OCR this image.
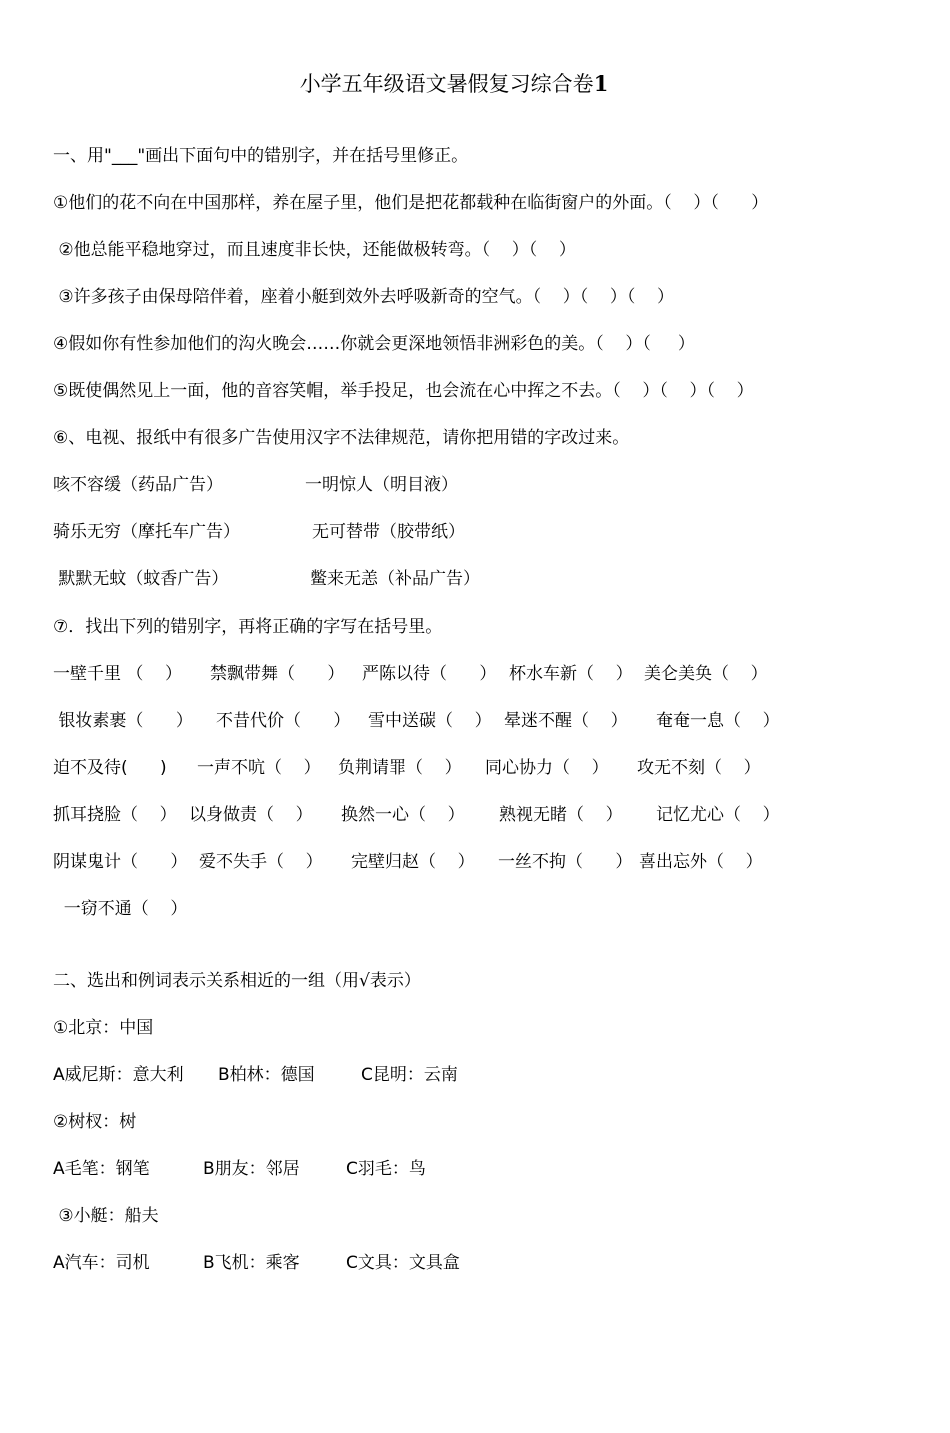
小学五年级语文暑假复习综合卷1
一、用"___"画出下面句中的错别字，并在括号里修正。
①他们的花不向在中国那样，养在屋子里，他们是把花都载种在临街窗户的外面。（    ）（      ）
②他总能平稳地穿过，而且速度非长快，还能做极转弯。（    ）（    ）
③许多孩子由保母陪伴着，座着小艇到效外去呼吸新奇的空气。（    ）（    ）（    ）
④假如你有性参加他们的沟火晚会……你就会更深地领悟非洲彩色的美。（    ）（     ）
⑤既使偶然见上一面，他的音容笑帽，举手投足，也会流在心中挥之不去。（    ）（    ）（    ）
⑥、电视、报纸中有很多广告使用汉字不法律规范，请你把用错的字改过来。

咳不容缓（药品广告）

	一明惊人（明目液）

骑乐无穷（摩托车广告）

	无可替带（胶带纸）

默默无蚊（蚊香广告）

	鳖来无恙（补品广告）

⑦．找出下列的错别字，再将正确的字写在括号里。

一壁千里 （    ）

禁飘带舞（      ）

严陈以待（      ）

杯水车新（    ）

美仑美奂（    ）

银妆素裹（      ）

不昔代价（      ）

雪中送碳（    ）

晕迷不醒（    ）

奄奄一息（    ）

迫不及待(      )

一声不吭（    ）

负荆请罪（    ）

同心协力（    ）

攻无不刻（    ）

抓耳挠脸（    ）

以身做责（    ）

换然一心（    ）

熟视无睹（    ）

记忆尤心（    ）

阴谋鬼计（      ）

爱不失手（    ）

完壁归赵（    ）

一丝不拘（      ）

喜出忘外（    ）

一窃不通（    ）

二、选出和例词表示关系相近的一组（用√表示）
①北京：中国

A威尼斯：意大利

B柏林：德国

	C昆明：云南

②树杈：树

A毛笔：钢笔

	B朋友：邻居

	C羽毛：鸟

③小艇：船夫

A汽车：司机

	B飞机：乘客

	C文具：文具盒
